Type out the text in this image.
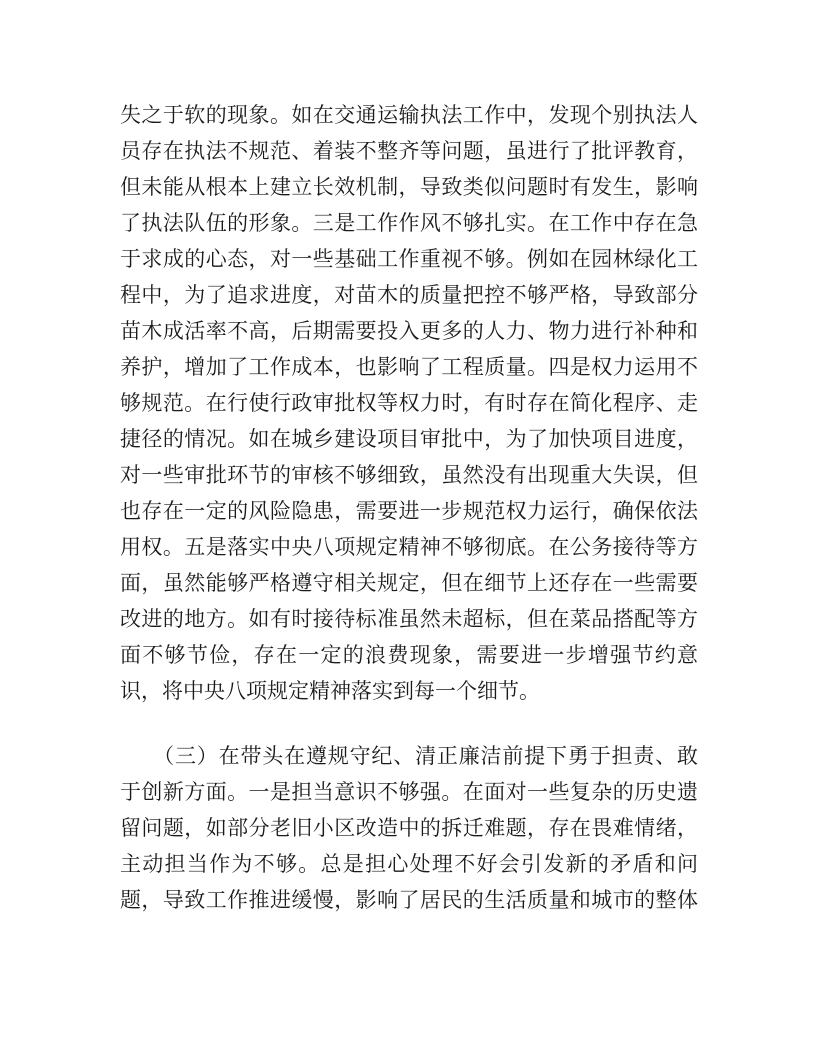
失之于软的现象。如在交通运输执法工作中，发现个别执法人
员存在执法不规范、着装不整齐等问题，虽进行了批评教育，
但未能从根本上建立长效机制，导致类似问题时有发生，影响
了执法队伍的形象。三是工作作风不够扎实。在工作中存在急
于求成的心态，对一些基础工作重视不够。例如在园林绿化工
程中，为了追求进度，对苗木的质量把控不够严格，导致部分
苗木成活率不高，后期需要投入更多的人力、物力进行补种和
养护，增加了工作成本，也影响了工程质量。四是权力运用不
够规范。在行使行政审批权等权力时，有时存在简化程序、走
捷径的情况。如在城乡建设项目审批中，为了加快项目进度，
对一些审批环节的审核不够细致，虽然没有出现重大失误，但
也存在一定的风险隐患，需要进一步规范权力运行，确保依法
用权。五是落实中央八项规定精神不够彻底。在公务接待等方
面，虽然能够严格遵守相关规定，但在细节上还存在一些需要
改进的地方。如有时接待标准虽然未超标，但在菜品搭配等方
面不够节俭，存在一定的浪费现象，需要进一步增强节约意
识，将中央八项规定精神落实到每一个细节。
　　（三）在带头在遵规守纪、清正廉洁前提下勇于担责、敢
于创新方面。一是担当意识不够强。在面对一些复杂的历史遗
留问题，如部分老旧小区改造中的拆迁难题，存在畏难情绪，
主动担当作为不够。总是担心处理不好会引发新的矛盾和问
题，导致工作推进缓慢，影响了居民的生活质量和城市的整体
